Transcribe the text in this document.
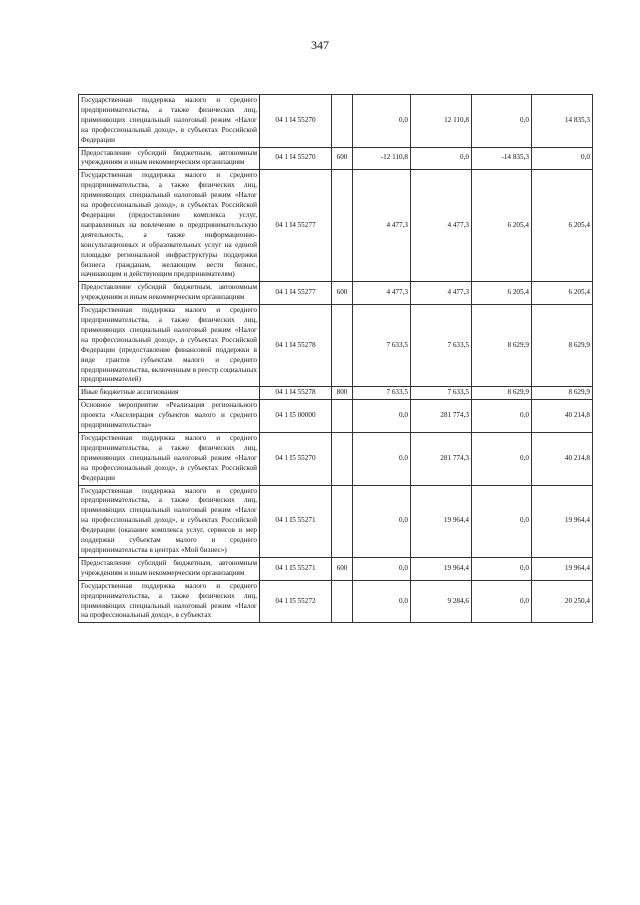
347
Государственная поддержка малого и среднего предпринимательства, а также физических лиц, применяющих специальный налоговый режим «Налог на профессиональный доход», в субъектах Российской Федерации	04 1 I4 55270		0,0	12 110,8	0,0	14 835,3
Предоставление субсидий бюджетным, автономным учреждениям и иным некоммерческим организациям	04 1 I4 55270	600	-12 110,8	0,0	-14 835,3	0,0
Государственная поддержка малого и среднего предпринимательства, а также физических лиц, применяющих специальный налоговый режим «Налог на профессиональный доход», в субъектах Российской Федерации (предоставление комплекса услуг, направленных на вовлечение в предпринимательскую деятельность, а также информационно-консультационных и образовательных услуг на единой площадке региональной инфраструктуры поддержки бизнеса гражданам, желающим вести бизнес, начинающим и действующим предпринимателям)	04 1 I4 55277		4 477,3	4 477,3	6 205,4	6 205,4
Предоставление субсидий бюджетным, автономным учреждениям и иным некоммерческим организациям	04 1 I4 55277	600	4 477,3	4 477,3	6 205,4	6 205,4
Государственная поддержка малого и среднего предпринимательства, а также физических лиц, применяющих специальный налоговый режим «Налог на профессиональный доход», в субъектах Российской Федерации (предоставление финансовой поддержки в виде грантов субъектам малого и среднего предпринимательства, включенным в реестр социальных предпринимателей)	04 1 I4 55278		7 633,5	7 633,5	8 629,9	8 629,9
Иные бюджетные ассигнования	04 1 I4 55278	800	7 633,5	7 633,5	8 629,9	8 629,9
Основное мероприятие «Реализация регионального проекта «Акселерация субъектов малого и среднего предпринимательства»	04 1 I5 00000		0,0	281 774,3	0,0	40 214,8
Государственная поддержка малого и среднего предпринимательства, а также физических лиц, применяющих специальный налоговый режим «Налог на профессиональный доход», в субъектах Российской Федерации	04 1 I5 55270		0,0	281 774,3	0,0	40 214,8
Государственная поддержка малого и среднего предпринимательства, а также физических лиц, применяющих специальный налоговый режим «Налог на профессиональный доход», в субъектах Российской Федерации (оказание комплекса услуг, сервисов и мер поддержки субъектам малого и среднего предпринимательства в центрах «Мой бизнес»)	04 1 I5 55271		0,0	19 964,4	0,0	19 964,4
Предоставление субсидий бюджетным, автономным учреждениям и иным некоммерческим организациям	04 1 I5 55271	600	0,0	19 964,4	0,0	19 964,4
Государственная поддержка малого и среднего предпринимательства, а также физических лиц, применяющих специальный налоговый режим «Налог на профессиональный доход», в субъектах	04 1 I5 55272		0,0	9 284,6	0,0	20 250,4
